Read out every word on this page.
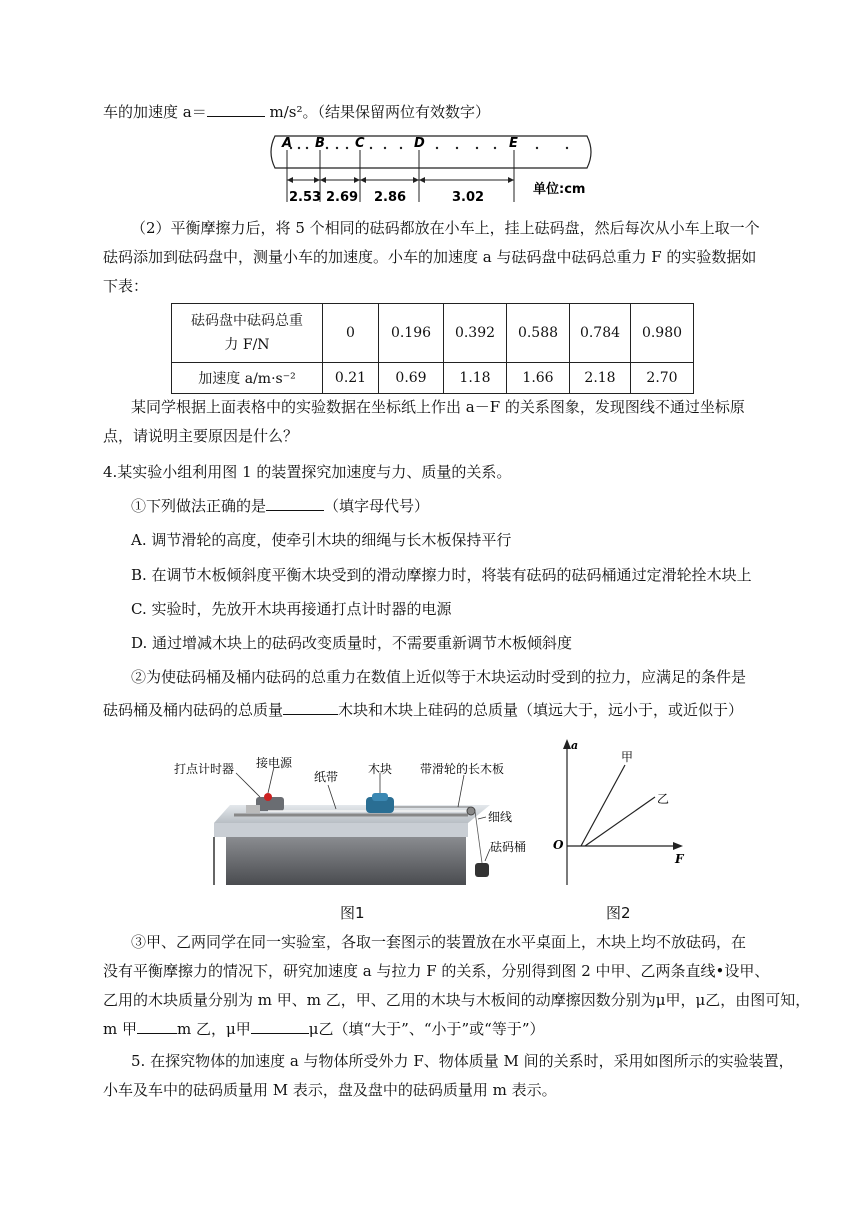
车的加速度 a＝	m/s²。（结果保留两位有效数字）
A B C	D	E
2.53 2.69 2.86	3.02
单位:cm
（2）平衡摩擦力后，将 5 个相同的砝码都放在小车上，挂上砝码盘，然后每次从小车上取一个
砝码添加到砝码盘中，测量小车的加速度。小车的加速度 a 与砝码盘中砝码总重力 F 的实验数据如
下表：
砝码盘中砝码总重
力 F/N	0	0.196	0.392	0.588	0.784	0.980
加速度 a/m·s⁻²	0.21	0.69	1.18	1.66	2.18	2.70
某同学根据上面表格中的实验数据在坐标纸上作出 a－F 的关系图象，发现图线不通过坐标原
点，请说明主要原因是什么？
4.某实验小组利用图 1 的装置探究加速度与力、质量的关系。
①下列做法正确的是	（填字母代号）
A. 调节滑轮的高度，使牵引木块的细绳与长木板保持平行
B. 在调节木板倾斜度平衡木块受到的滑动摩擦力时，将装有砝码的砝码桶通过定滑轮拴木块上
C. 实验时，先放开木块再接通打点计时器的电源
D. 通过增减木块上的砝码改变质量时，不需要重新调节木板倾斜度
②为使砝码桶及桶内砝码的总重力在数值上近似等于木块运动时受到的拉力，应满足的条件是
砝码桶及桶内砝码的总质量	木块和木块上硅码的总质量（填远大于，远小于，或近似于）
打点计时器 接电源
纸带
木块 带滑轮的长木板
细线
砝码桶
图1
a
F
O
甲
乙
图2
③甲、乙两同学在同一实验室，各取一套图示的装置放在水平桌面上，木块上均不放砝码，在
没有平衡摩擦力的情况下，研究加速度 a 与拉力 F 的关系，分别得到图 2 中甲、乙两条直线•设甲、
乙用的木块质量分别为 m 甲、m 乙，甲、乙用的木块与木板间的动摩擦因数分别为μ甲，μ乙，由图可知，
m 甲	m 乙，μ甲	μ乙（填“大于”、“小于”或“等于”）
5. 在探究物体的加速度 a 与物体所受外力 F、物体质量 M 间的关系时，采用如图所示的实验装置，
小车及车中的砝码质量用 M 表示，盘及盘中的砝码质量用 m 表示。
